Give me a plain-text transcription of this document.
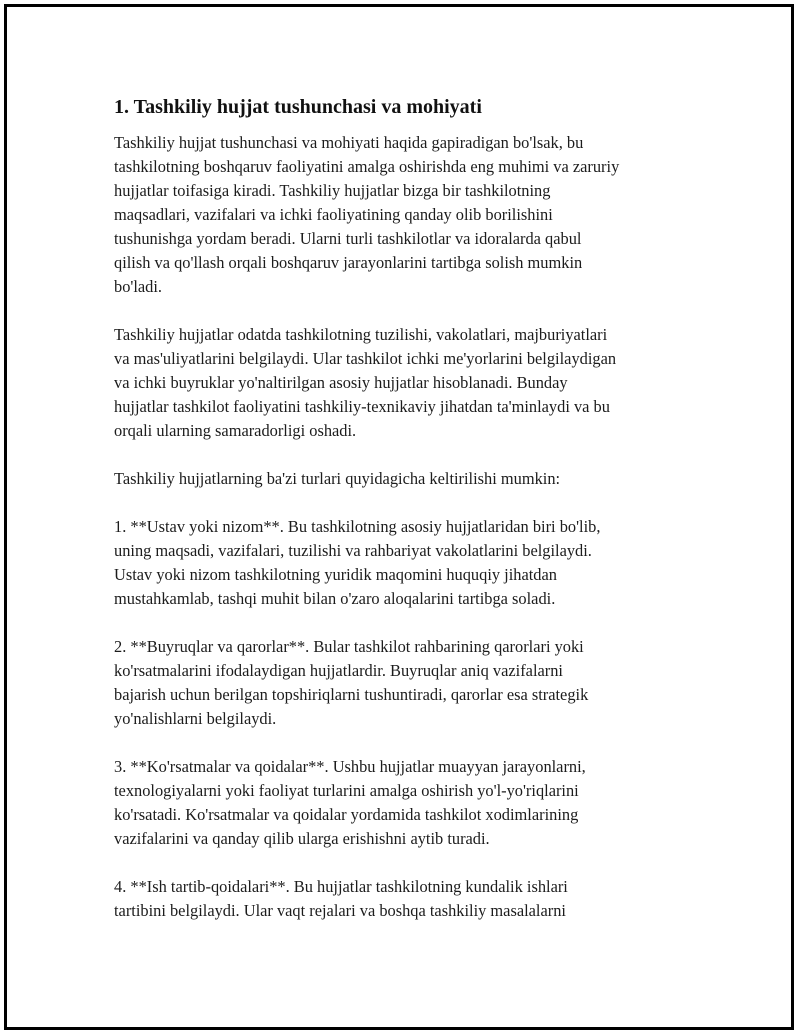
1. Tashkiliy hujjat tushunchasi va mohiyati
Tashkiliy hujjat tushunchasi va mohiyati haqida gapiradigan bo'lsak, bu
tashkilotning boshqaruv faoliyatini amalga oshirishda eng muhimi va zaruriy
hujjatlar toifasiga kiradi. Tashkiliy hujjatlar bizga bir tashkilotning
maqsadlari, vazifalari va ichki faoliyatining qanday olib borilishini
tushunishga yordam beradi. Ularni turli tashkilotlar va idoralarda qabul
qilish va qo'llash orqali boshqaruv jarayonlarini tartibga solish mumkin
bo'ladi.
Tashkiliy hujjatlar odatda tashkilotning tuzilishi, vakolatlari, majburiyatlari
va mas'uliyatlarini belgilaydi. Ular tashkilot ichki me'yorlarini belgilaydigan
va ichki buyruklar yo'naltirilgan asosiy hujjatlar hisoblanadi. Bunday
hujjatlar tashkilot faoliyatini tashkiliy-texnikaviy jihatdan ta'minlaydi va bu
orqali ularning samaradorligi oshadi.
Tashkiliy hujjatlarning ba'zi turlari quyidagicha keltirilishi mumkin:
1. **Ustav yoki nizom**. Bu tashkilotning asosiy hujjatlaridan biri bo'lib,
uning maqsadi, vazifalari, tuzilishi va rahbariyat vakolatlarini belgilaydi.
Ustav yoki nizom tashkilotning yuridik maqomini huquqiy jihatdan
mustahkamlab, tashqi muhit bilan o'zaro aloqalarini tartibga soladi.
2. **Buyruqlar va qarorlar**. Bular tashkilot rahbarining qarorlari yoki
ko'rsatmalarini ifodalaydigan hujjatlardir. Buyruqlar aniq vazifalarni
bajarish uchun berilgan topshiriqlarni tushuntiradi, qarorlar esa strategik
yo'nalishlarni belgilaydi.
3. **Ko'rsatmalar va qoidalar**. Ushbu hujjatlar muayyan jarayonlarni,
texnologiyalarni yoki faoliyat turlarini amalga oshirish yo'l-yo'riqlarini
ko'rsatadi. Ko'rsatmalar va qoidalar yordamida tashkilot xodimlarining
vazifalarini va qanday qilib ularga erishishni aytib turadi.
4. **Ish tartib-qoidalari**. Bu hujjatlar tashkilotning kundalik ishlari
tartibini belgilaydi. Ular vaqt rejalari va boshqa tashkiliy masalalarni
